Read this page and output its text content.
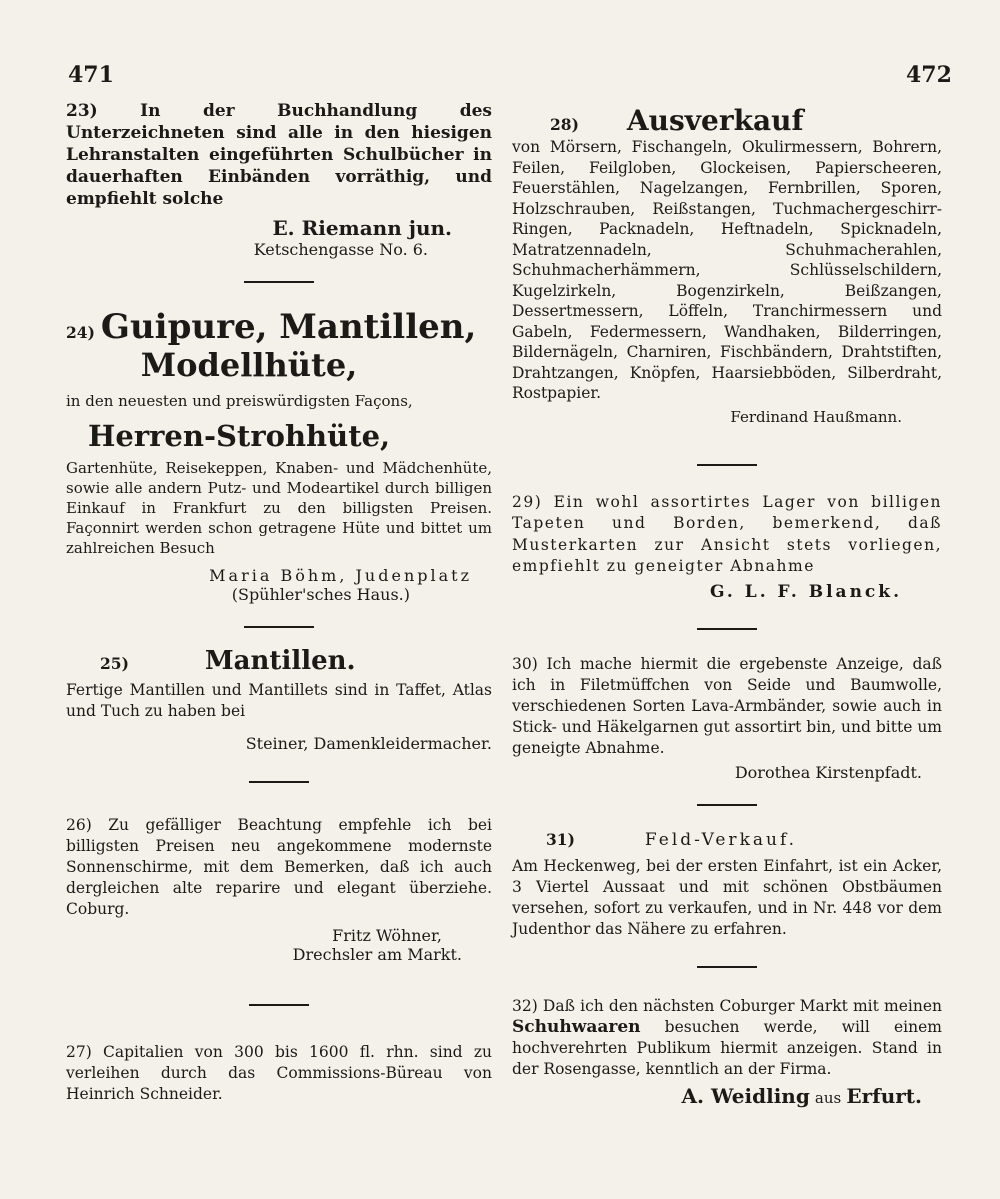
471	472

23) In der Buchhandlung des Unterzeichneten sind alle in den hiesigen Lehranstalten eingeführten Schulbücher in dauerhaften Einbänden vorräthig, und empfiehlt solche

E. Riemann jun.

Ketschengasse No. 6.

24) Guipure, Mantillen,

Modellhüte,

in den neuesten und preiswürdigsten Façons,

Herren-Strohhüte,

Gartenhüte, Reisekeppen, Knaben- und Mädchenhüte, sowie alle andern Putz- und Modeartikel durch billigen Einkauf in Frankfurt zu den billigsten Preisen. Façonnirt werden schon getragene Hüte und bittet um zahlreichen Besuch

Maria Böhm, Judenplatz

(Spühler'sches Haus.)

25)	Mantillen.

Fertige Mantillen und Mantillets sind in Taffet, Atlas und Tuch zu haben bei

Steiner, Damenkleidermacher.

26) Zu gefälliger Beachtung empfehle ich bei billigsten Preisen neu angekommene modernste Sonnenschirme, mit dem Bemerken, daß ich auch dergleichen alte reparire und elegant überziehe. Coburg.

Fritz Wöhner,

Drechsler am Markt.

27) Capitalien von 300 bis 1600 fl. rhn. sind zu verleihen durch das Commissions-Büreau von Heinrich Schneider.

28) Ausverkauf

von Mörsern, Fischangeln, Okulirmessern, Bohrern, Feilen, Feilgloben, Glockeisen, Papierscheeren, Feuerstählen, Nagelzangen, Fernbrillen, Sporen, Holzschrauben, Reißstangen, Tuchmachergeschirr-Ringen, Packnadeln, Heftnadeln, Spicknadeln, Matratzennadeln, Schuhmacherahlen, Schuhmacherhämmern, Schlüsselschildern, Kugelzirkeln, Bogenzirkeln, Beißzangen, Dessertmessern, Löffeln, Tranchirmessern und Gabeln, Federmessern, Wandhaken, Bilderringen, Bildernägeln, Charniren, Fischbändern, Drahtstiften, Drahtzangen, Knöpfen, Haarsiebböden, Silberdraht, Rostpapier.

Ferdinand Haußmann.

29) Ein wohl assortirtes Lager von billigen Tapeten und Borden, bemerkend, daß Musterkarten zur Ansicht stets vorliegen, empfiehlt zu geneigter Abnahme

G. L. F. Blanck.

30) Ich mache hiermit die ergebenste Anzeige, daß ich in Filetmüffchen von Seide und Baumwolle, verschiedenen Sorten Lava-Armbänder, sowie auch in Stick- und Häkelgarnen gut assortirt bin, und bitte um geneigte Abnahme.

Dorothea Kirstenpfadt.

31)	Feld-Verkauf.

Am Heckenweg, bei der ersten Einfahrt, ist ein Acker, 3 Viertel Aussaat und mit schönen Obstbäumen versehen, sofort zu verkaufen, und in Nr. 448 vor dem Judenthor das Nähere zu erfahren.

32) Daß ich den nächsten Coburger Markt mit meinen Schuhwaaren besuchen werde, will einem hochverehrten Publikum hiermit anzeigen. Stand in der Rosengasse, kenntlich an der Firma.

A. Weidling aus Erfurt.
